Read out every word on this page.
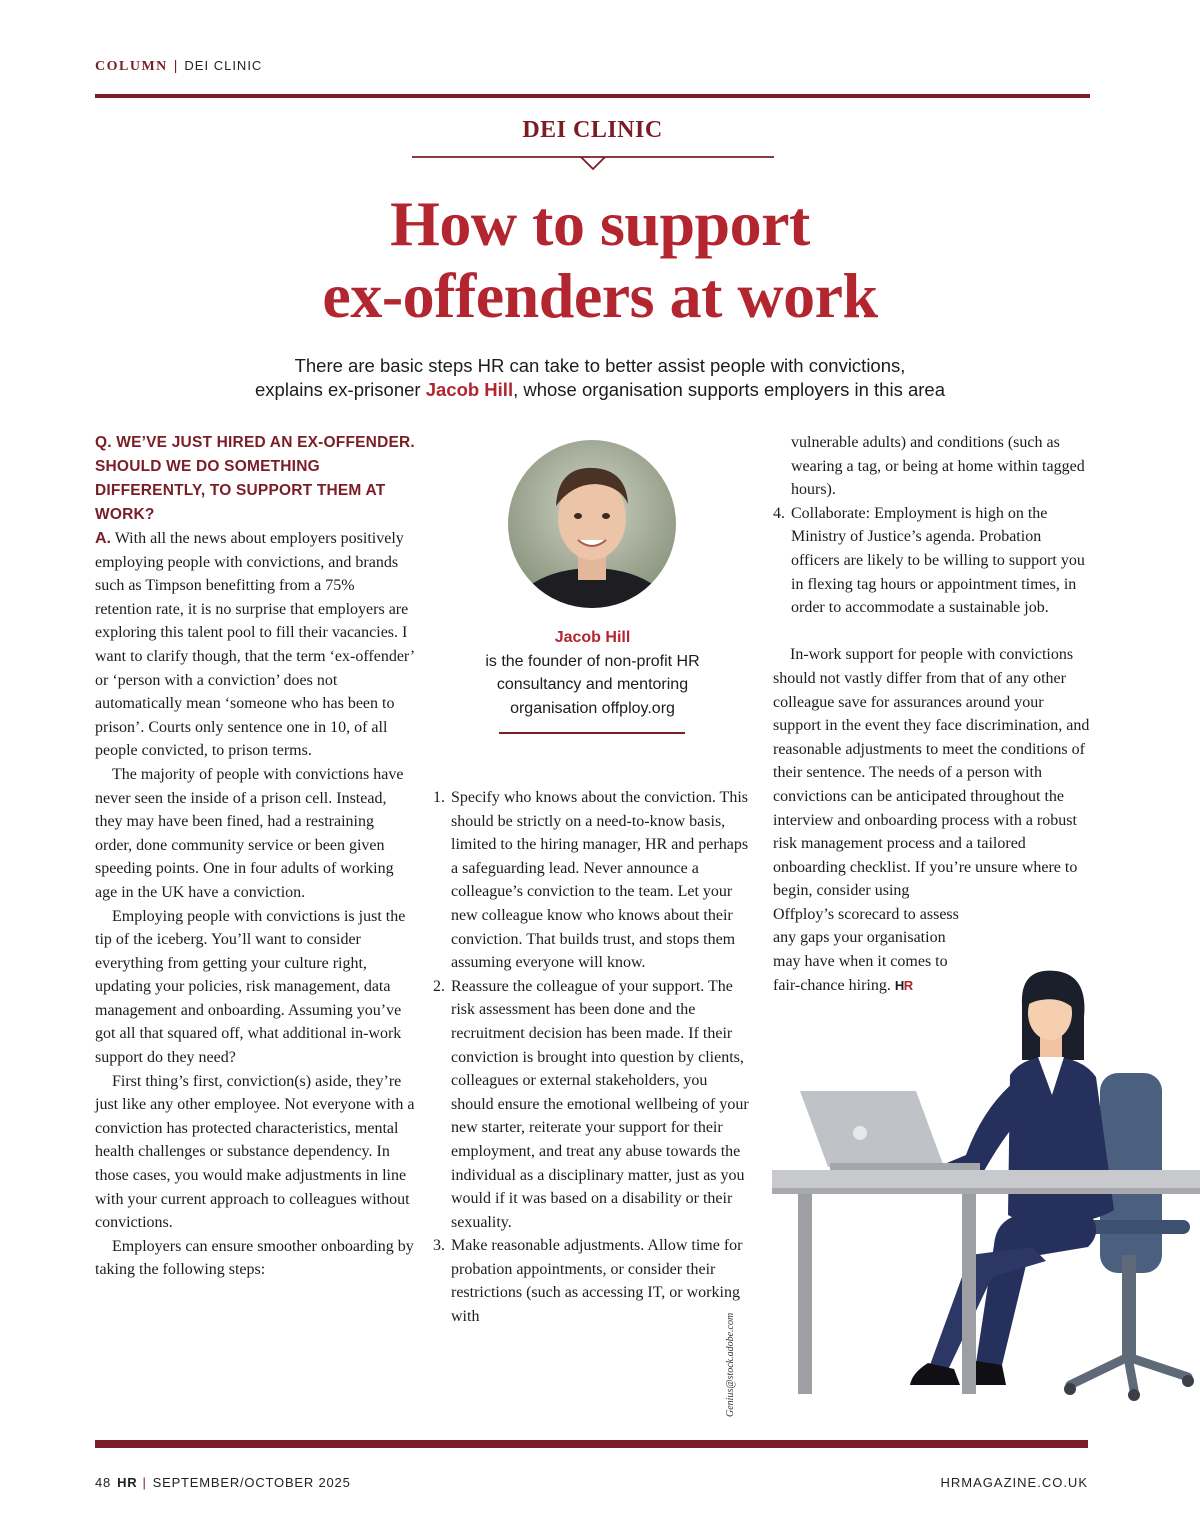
COLUMN | DEI CLINIC
DEI CLINIC
How to support
ex-offenders at work
There are basic steps HR can take to better assist people with convictions,
explains ex-prisoner Jacob Hill, whose organisation supports employers in this area

Q. WE’VE JUST HIRED AN EX-OFFENDER. SHOULD WE DO SOMETHING DIFFERENTLY, TO SUPPORT THEM AT WORK?

A. With all the news about employers positively employing people with convictions, and brands such as Timpson benefitting from a 75% retention rate, it is no surprise that employers are exploring this talent pool to fill their vacancies. I want to clarify though, that the term ‘ex-offender’ or ‘person with a conviction’ does not automatically mean ‘someone who has been to prison’. Courts only sentence one in 10, of all people convicted, to prison terms.

The majority of people with convictions have never seen the inside of a prison cell. Instead, they may have been fined, had a restraining order, done community service or been given speeding points. One in four adults of working age in the UK have a conviction.

Employing people with convictions is just the tip of the iceberg. You’ll want to consider everything from getting your culture right, updating your policies, risk management, data management and onboarding. Assuming you’ve got all that squared off, what additional in-work support do they need?

First thing’s first, conviction(s) aside, they’re just like any other employee. Not everyone with a conviction has protected characteristics, mental health challenges or substance dependency. In those cases, you would make adjustments in line with your current approach to colleagues without convictions.

Employers can ensure smoother onboarding by taking the following steps:

Jacob Hill
is the founder of non-profit HR
consultancy and mentoring
organisation offploy.org
1. Specify who knows about the conviction. This should be strictly on a need-to-know basis, limited to the hiring manager, HR and perhaps a safeguarding lead. Never announce a colleague’s conviction to the team. Let your new colleague know who knows about their conviction. That builds trust, and stops them assuming everyone will know.
2. Reassure the colleague of your support. The risk assessment has been done and the recruitment decision has been made. If their conviction is brought into question by clients, colleagues or external stakeholders, you should ensure the emotional wellbeing of your new starter, reiterate your support for their employment, and treat any abuse towards the individual as a disciplinary matter, just as you would if it was based on a disability or their sexuality.
3. Make reasonable adjustments. Allow time for probation appointments, or consider their restrictions (such as accessing IT, or working with
vulnerable adults) and conditions (such as wearing a tag, or being at home within tagged hours).
4. Collaborate: Employment is high on the Ministry of Justice’s agenda. Probation officers are likely to be willing to support you in flexing tag hours or appointment times, in order to accommodate a sustainable job.

In-work support for people with convictions should not vastly differ from that of any other colleague save for assurances around your support in the event they face discrimination, and reasonable adjustments to meet the conditions of their sentence. The needs of a person with convictions can be anticipated throughout the interview and onboarding process with a robust risk management process and a tailored onboarding checklist. If you’re unsure where to begin, consider using
Offploy’s scorecard to assess
any gaps your organisation
may have when it comes to
fair-chance hiring. HR

Genius@stock.adobe.com
48 HR | SEPTEMBER/OCTOBER 2025	HRMAGAZINE.CO.UK
